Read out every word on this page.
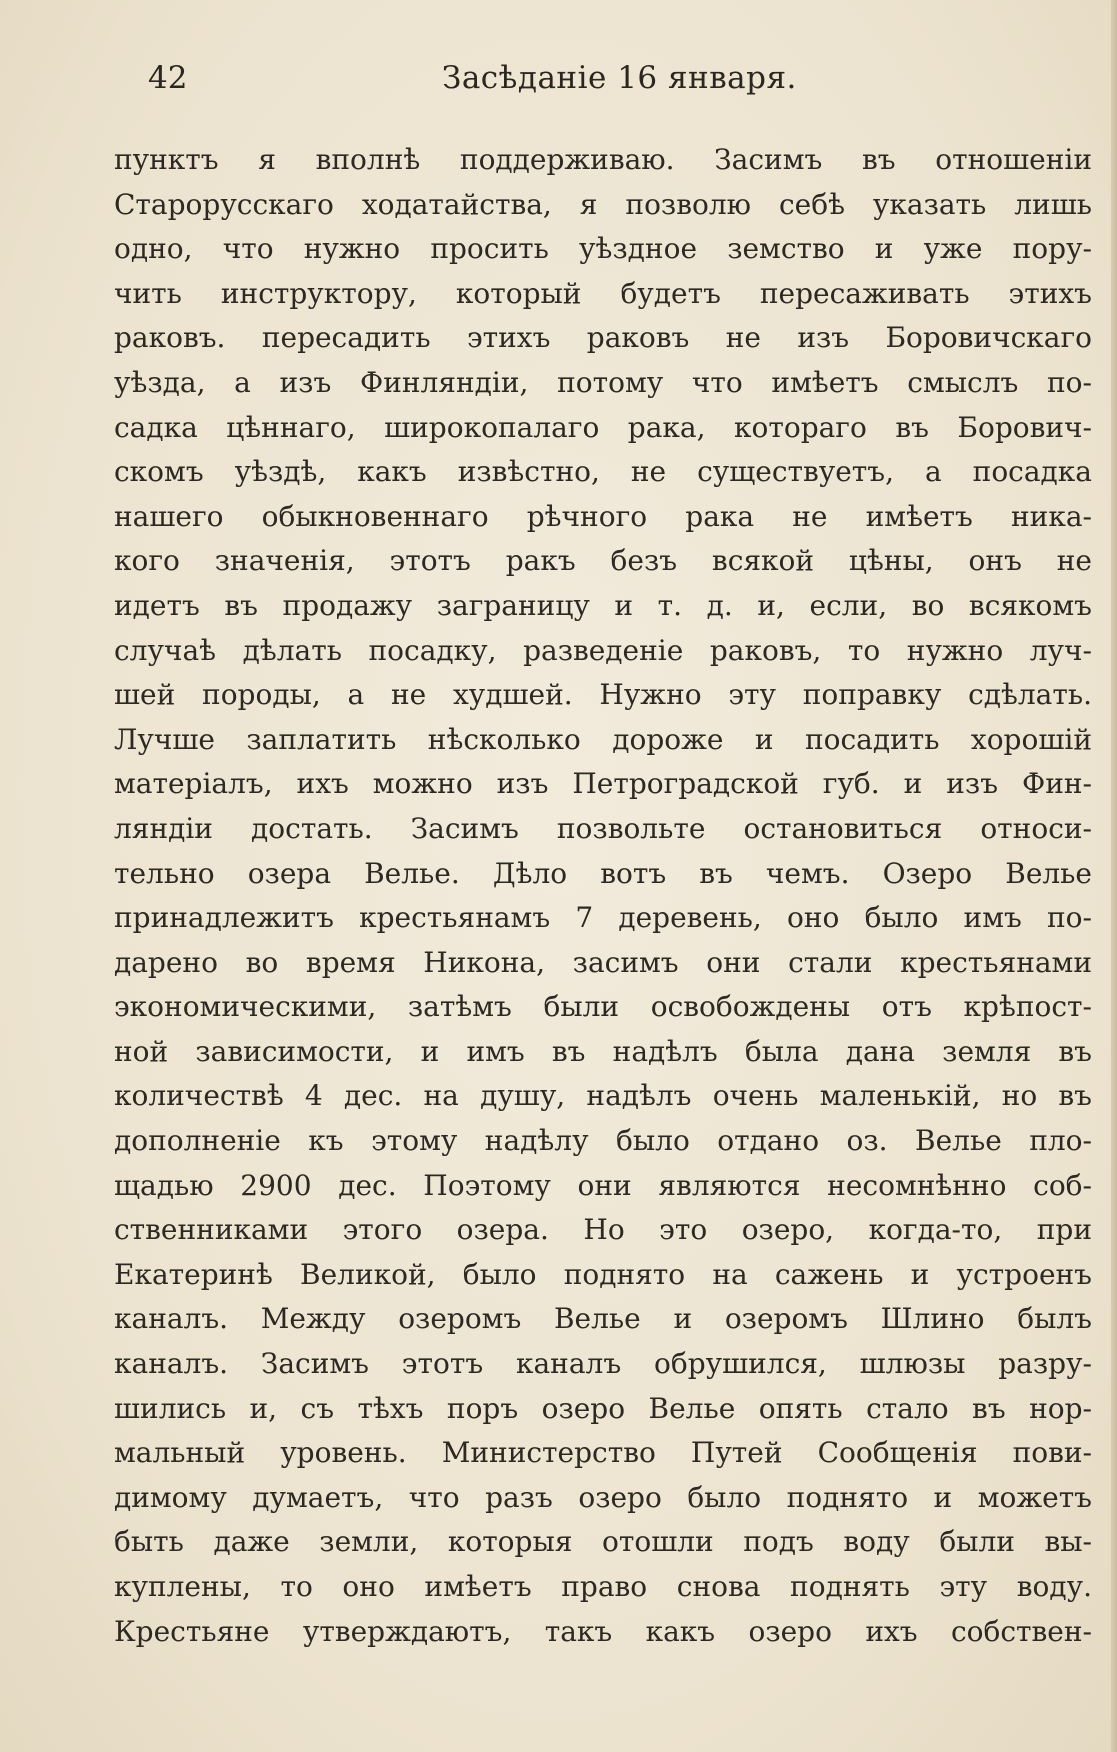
42	Засѣданіе 16 января.
пунктъ я вполнѣ поддерживаю. Засимъ въ отношеніи
Старорусскаго ходатайства, я позволю себѣ указать лишь
одно, что нужно просить уѣздное земство и уже пору-
чить инструктору, который будетъ пересаживать этихъ
раковъ. пересадить этихъ раковъ не изъ Боровичскаго
уѣзда, а изъ Финляндіи, потому что имѣетъ смыслъ по-
садка цѣннаго, широкопалаго рака, котораго въ Борович-
скомъ уѣздѣ, какъ извѣстно, не существуетъ, а посадка
нашего обыкновеннаго рѣчного рака не имѣетъ ника-
кого значенія, этотъ ракъ безъ всякой цѣны, онъ не
идетъ въ продажу заграницу и т. д. и, если, во всякомъ
случаѣ дѣлать посадку, разведеніе раковъ, то нужно луч-
шей породы, а не худшей. Нужно эту поправку сдѣлать.
Лучше заплатить нѣсколько дороже и посадить хорошій
матеріалъ, ихъ можно изъ Петроградской губ. и изъ Фин-
ляндіи достать. Засимъ позвольте остановиться относи-
тельно озера Велье. Дѣло вотъ въ чемъ. Озеро Велье
принадлежитъ крестьянамъ 7 деревень, оно было имъ по-
дарено во время Никона, засимъ они стали крестьянами
экономическими, затѣмъ были освобождены отъ крѣпост-
ной зависимости, и имъ въ надѣлъ была дана земля въ
количествѣ 4 дес. на душу, надѣлъ очень маленькій, но въ
дополненіе къ этому надѣлу было отдано оз. Велье пло-
щадью 2900 дес. Поэтому они являются несомнѣнно соб-
ственниками этого озера. Но это озеро, когда-то, при
Екатеринѣ Великой, было поднято на сажень и устроенъ
каналъ. Между озеромъ Велье и озеромъ Шлино былъ
каналъ. Засимъ этотъ каналъ обрушился, шлюзы разру-
шились и, съ тѣхъ поръ озеро Велье опять стало въ нор-
мальный уровень. Министерство Путей Сообщенія пови-
димому думаетъ, что разъ озеро было поднято и можетъ
быть даже земли, которыя отошли подъ воду были вы-
куплены, то оно имѣетъ право снова поднять эту воду.
Крестьяне утверждаютъ, такъ какъ озеро ихъ собствен-
